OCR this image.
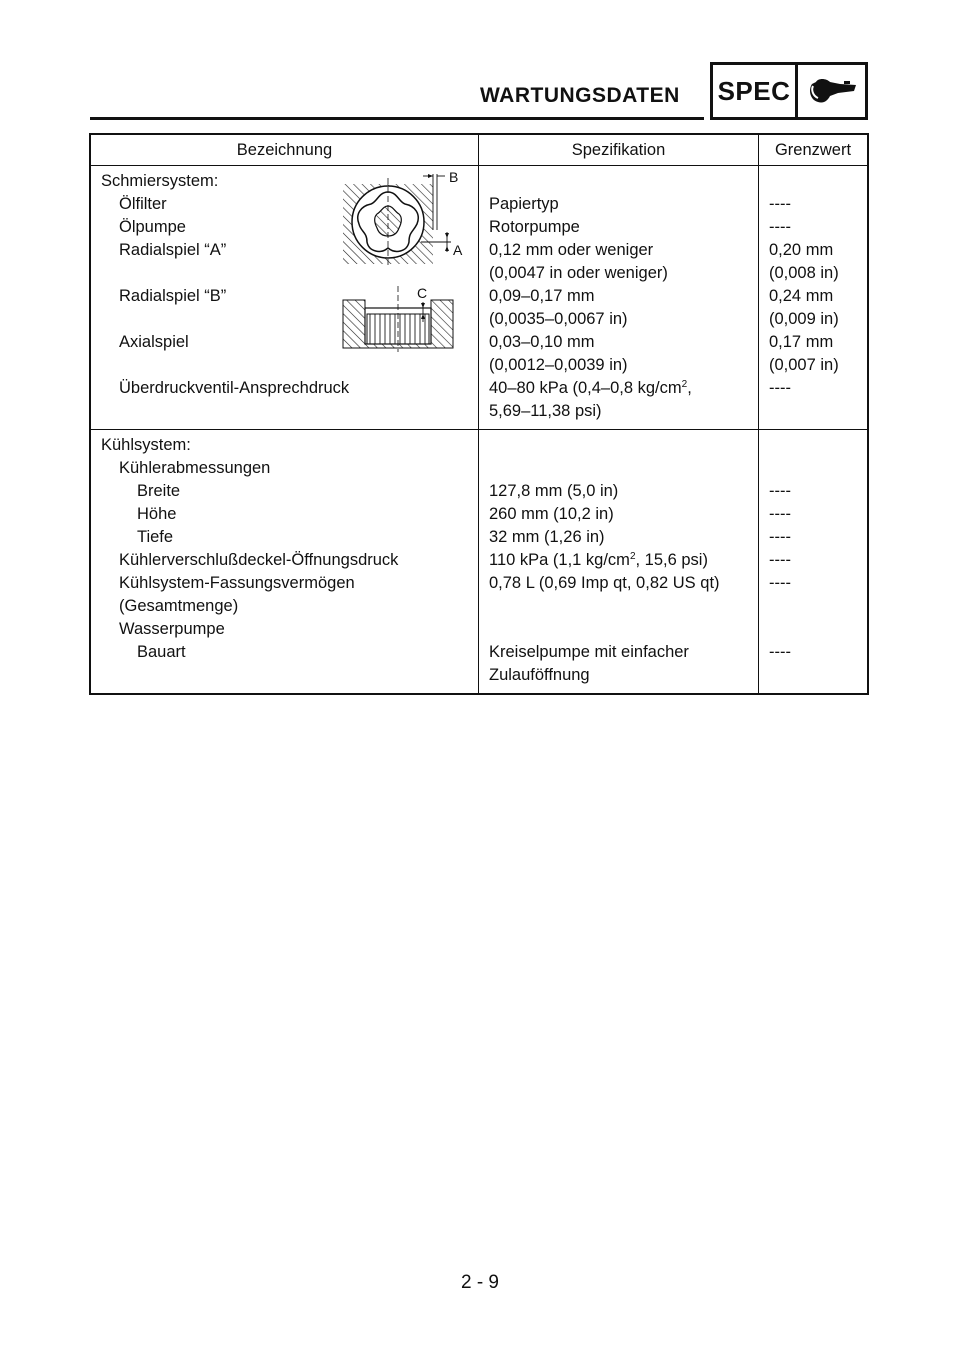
WARTUNGSDATEN SPEC
Bezeichnung	Spezifikation	Grenzwert
Schmiersystem:
Ölfilter
Ölpumpe
Radialspiel “A”
Radialspiel “B”
Axialspiel
Überdruckventil-Ansprechdruck
Papiertyp
Rotorpumpe
0,12 mm oder weniger
(0,0047 in oder weniger)
0,09–0,17 mm
(0,0035–0,0067 in)
0,03–0,10 mm
(0,0012–0,0039 in)
40–80 kPa (0,4–0,8 $kg/cm^2$,
5,69–11,38 psi)
----
----
0,20 mm
(0,008 in)
0,24 mm
(0,009 in)
0,17 mm
(0,007 in)
----
B
A
C
Kühlsystem:
Kühlerabmessungen
Breite
Höhe
Tiefe
Kühlerverschlußdeckel-Öffnungsdruck
Kühlsystem-Fassungsvermögen
(Gesamtmenge)
Wasserpumpe
Bauart
127,8 mm (5,0 in)
260 mm (10,2 in)
32 mm (1,26 in)
110 kPa (1,1 $kg/cm^2$, 15,6 psi)
0,78 L (0,69 Imp qt, 0,82 US qt)
Kreiselpumpe mit einfacher
Zulauföffnung
----
----
----
----
----
----
2 - 9
